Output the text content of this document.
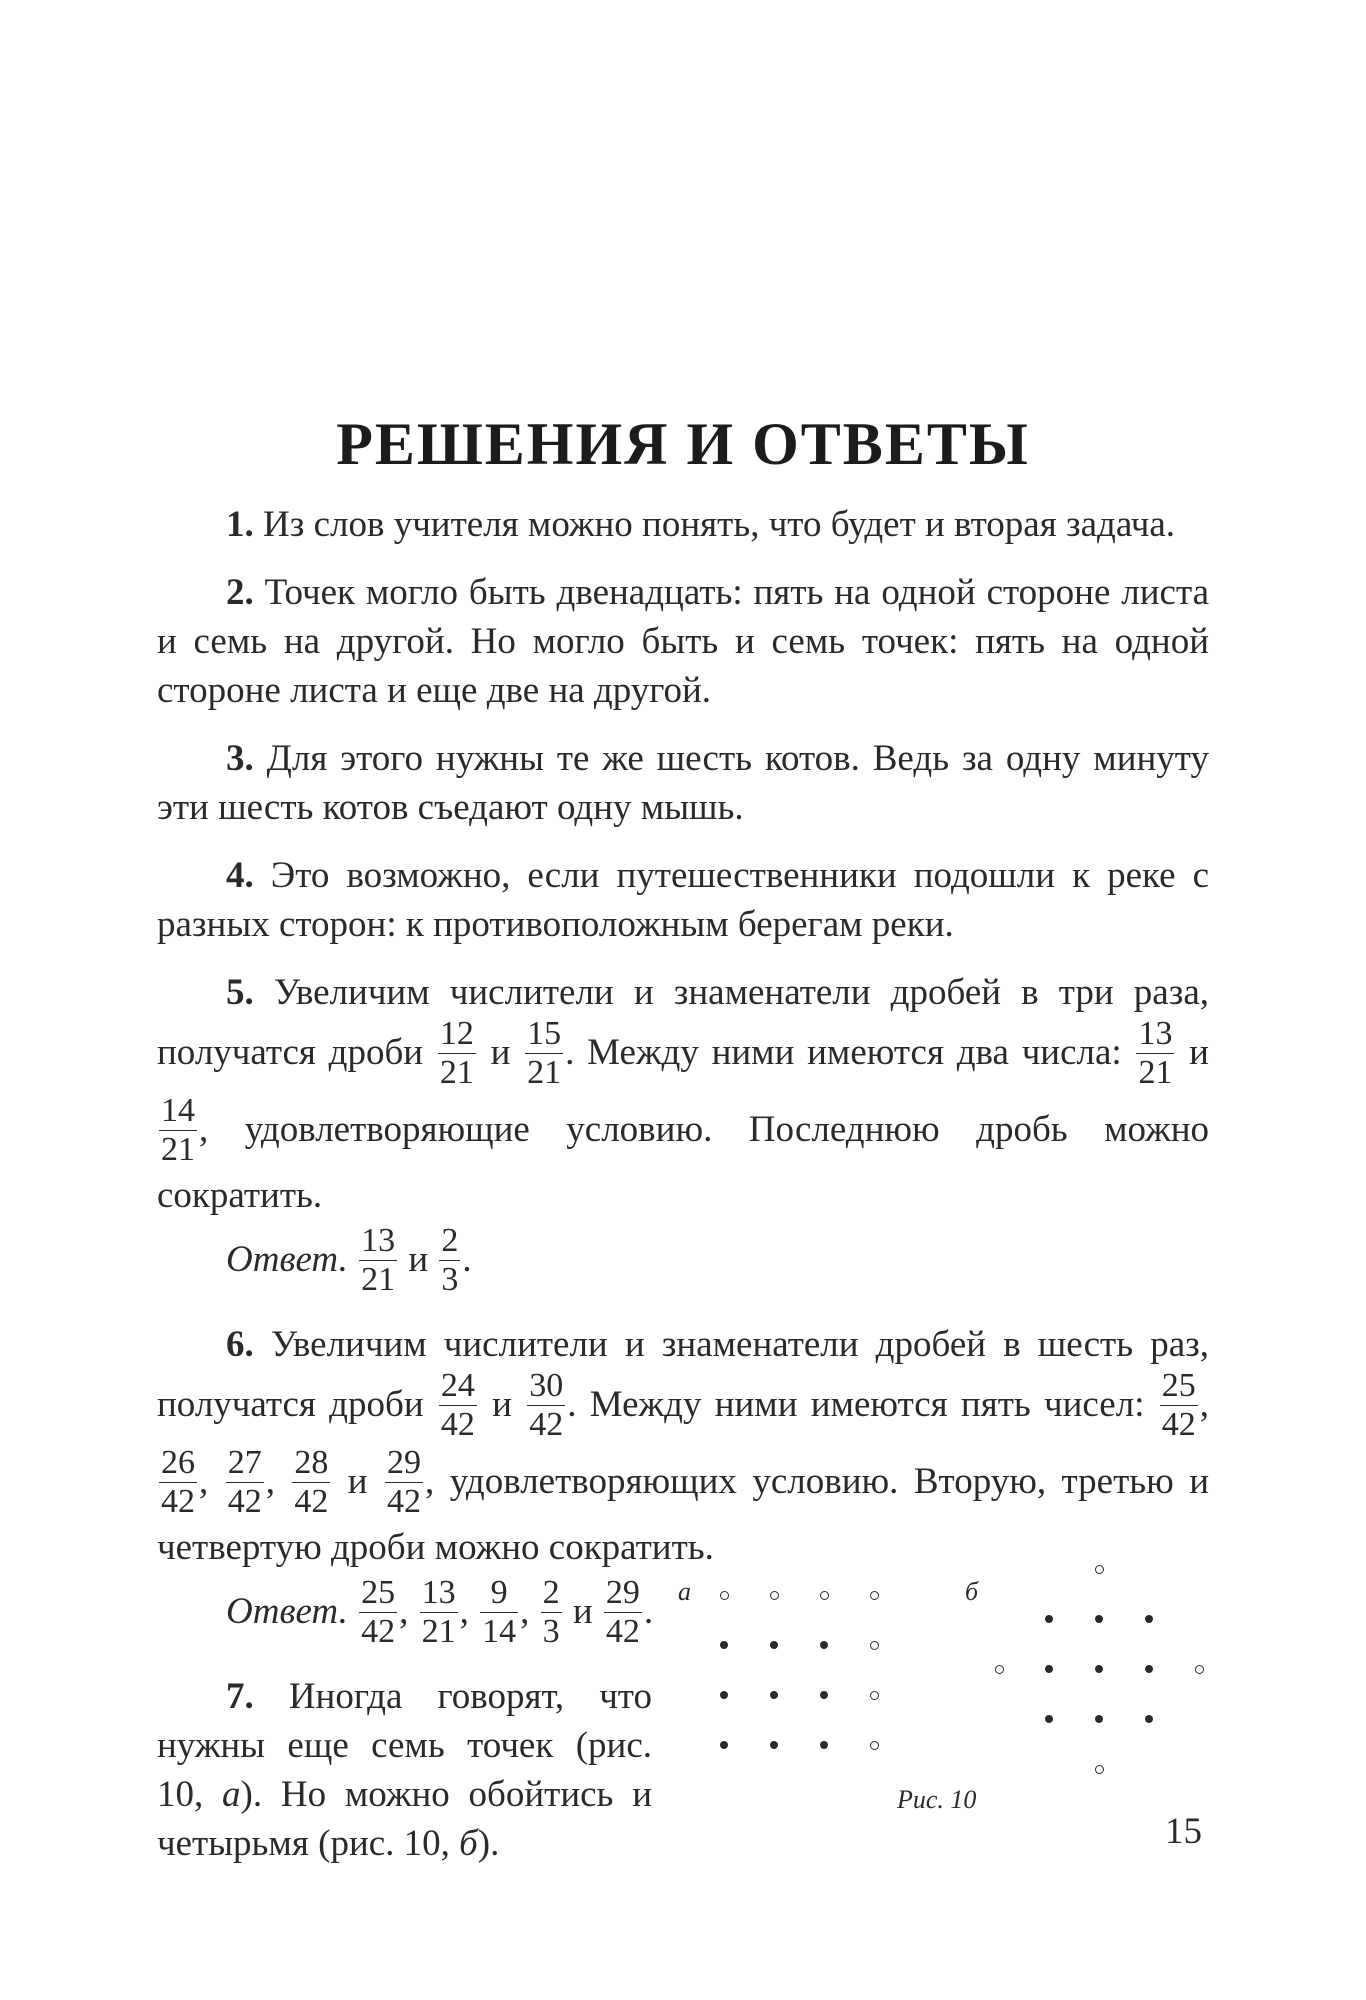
РЕШЕНИЯ И ОТВЕТЫ

1. Из слов учителя можно понять, что будет и вторая задача.

2. Точек могло быть двенадцать: пять на одной стороне листа и семь на другой. Но могло быть и семь точек: пять на одной стороне листа и еще две на другой.

3. Для этого нужны те же шесть котов. Ведь за одну минуту эти шесть котов съедают одну мышь.

4. Это возможно, если путешественники подошли к реке с разных сторон: к противоположным берегам реки.

5. Увеличим числители и знаменатели дробей в три раза, получатся дроби $\frac{12}{21}$ и $\frac{15}{21}$ . Между ними имеются два числа: $\frac{13}{21}$ и
$\frac{14}{21}$ , удовлетворяющие условию. Последнюю дробь можно сократить.

Ответ. $\frac{13}{21}$ и $\frac{2}{3}$ .

6. Увеличим числители и знаменатели дробей в шесть раз, получатся дроби $\frac{24}{42}$ и $\frac{30}{42}$ . Между ними имеются пять чисел: $\frac{25}{42}$ ,
$\frac{26}{42}$ , $\frac{27}{42}$ , $\frac{28}{42}$ и $\frac{29}{42}$ , удовлетворяющих условию. Вторую, третью и четвертую дроби можно сократить.

Ответ. $\frac{25}{42}$ , $\frac{13}{21}$ , $\frac{9}{14}$ , $\frac{2}{3}$ и $\frac{29}{42}$ .

7. Иногда говорят, что нужны еще семь точек (рис. 10, а). Но можно обойтись и четырьмя (рис. 10, б).

а	б
Рис. 10
15
